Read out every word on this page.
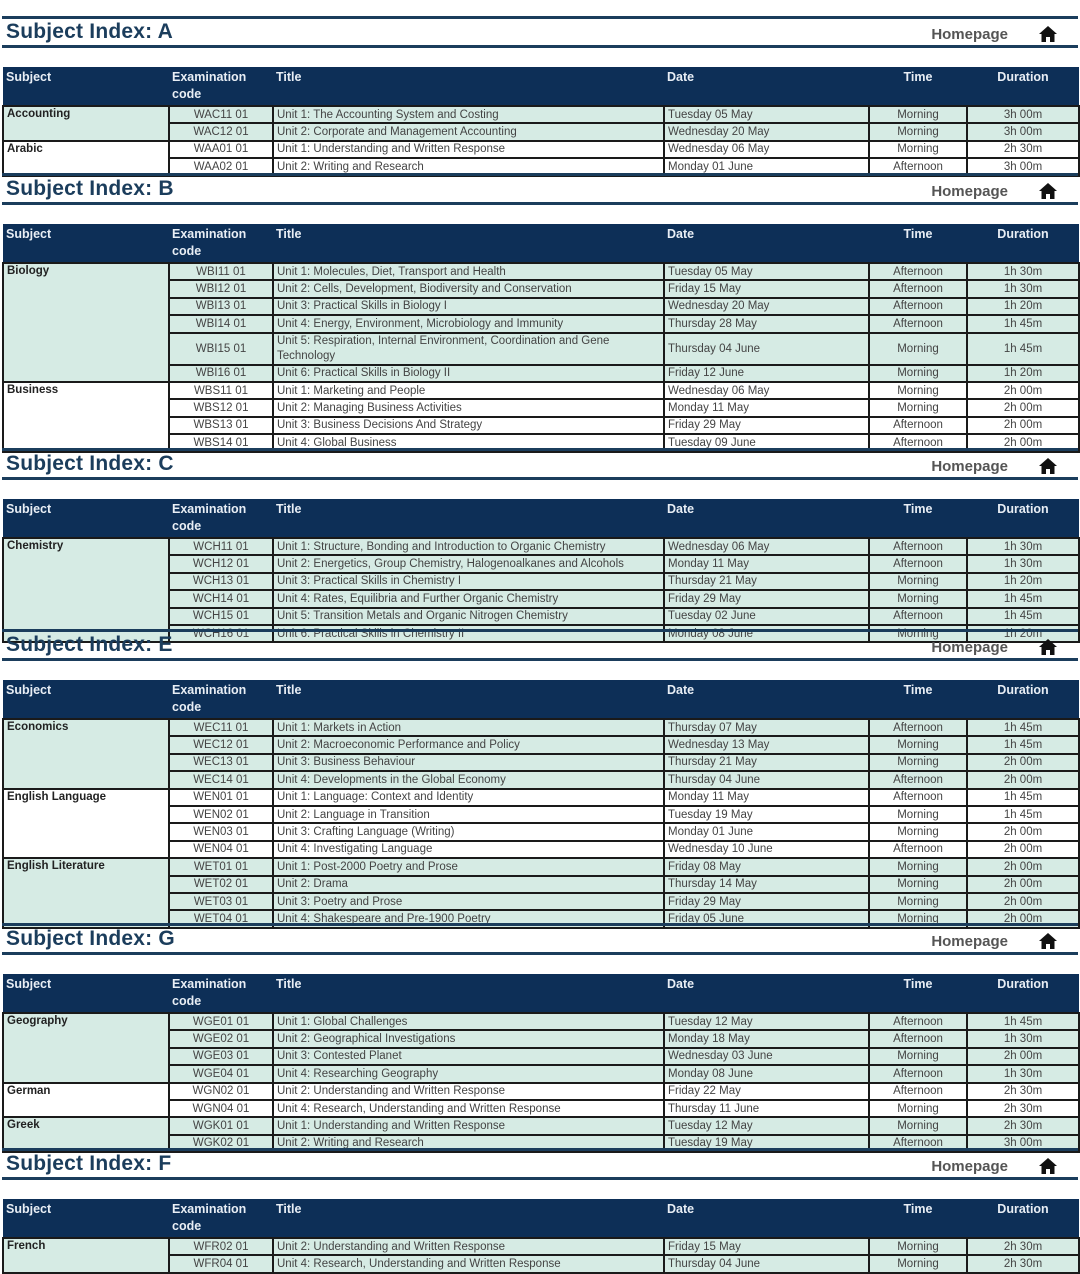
Subject Index: A	Homepage
Subject	Examination code	Title	Date	Time	Duration
Accounting	WAC11 01	Unit 1: The Accounting System and Costing	Tuesday 05 May	Morning	3h 00m
	WAC12 01	Unit 2: Corporate and Management Accounting	Wednesday 20 May	Morning	3h 00m
Arabic	WAA01 01	Unit 1: Understanding and Written Response	Wednesday 06 May	Morning	2h 30m
	WAA02 01	Unit 2: Writing and Research	Monday 01 June	Afternoon	3h 00m
Subject Index: B	Homepage
Subject	Examination code	Title	Date	Time	Duration
Biology	WBI11 01	Unit 1: Molecules, Diet, Transport and Health	Tuesday 05 May	Afternoon	1h 30m
	WBI12 01	Unit 2: Cells, Development, Biodiversity and Conservation	Friday 15 May	Afternoon	1h 30m
	WBI13 01	Unit 3: Practical Skills in Biology I	Wednesday 20 May	Afternoon	1h 20m
	WBI14 01	Unit 4: Energy, Environment, Microbiology and Immunity	Thursday 28 May	Afternoon	1h 45m
	WBI15 01	Unit 5: Respiration, Internal Environment, Coordination and Gene Technology	Thursday 04 June	Morning	1h 45m
	WBI16 01	Unit 6: Practical Skills in Biology II	Friday 12 June	Morning	1h 20m
Business	WBS11 01	Unit 1: Marketing and People	Wednesday 06 May	Morning	2h 00m
	WBS12 01	Unit 2: Managing Business Activities	Monday 11 May	Morning	2h 00m
	WBS13 01	Unit 3: Business Decisions And Strategy	Friday 29 May	Afternoon	2h 00m
	WBS14 01	Unit 4: Global Business	Tuesday 09 June	Afternoon	2h 00m
Subject Index: C	Homepage
Subject	Examination code	Title	Date	Time	Duration
Chemistry	WCH11 01	Unit 1: Structure, Bonding and Introduction to Organic Chemistry	Wednesday 06 May	Afternoon	1h 30m
	WCH12 01	Unit 2: Energetics, Group Chemistry, Halogenoalkanes and Alcohols	Monday 11 May	Afternoon	1h 30m
	WCH13 01	Unit 3: Practical Skills in Chemistry I	Thursday 21 May	Morning	1h 20m
	WCH14 01	Unit 4: Rates, Equilibria and Further Organic Chemistry	Friday 29 May	Morning	1h 45m
	WCH15 01	Unit 5: Transition Metals and Organic Nitrogen Chemistry	Tuesday 02 June	Afternoon	1h 45m
	WCH16 01	Unit 6: Practical Skills in Chemistry II	Monday 08 June	Morning	1h 20m
Subject Index: E	Homepage
Subject	Examination code	Title	Date	Time	Duration
Economics	WEC11 01	Unit 1: Markets in Action	Thursday 07 May	Afternoon	1h 45m
	WEC12 01	Unit 2: Macroeconomic Performance and Policy	Wednesday 13 May	Morning	1h 45m
	WEC13 01	Unit 3: Business Behaviour	Thursday 21 May	Morning	2h 00m
	WEC14 01	Unit 4: Developments in the Global Economy	Thursday 04 June	Afternoon	2h 00m
English Language	WEN01 01	Unit 1: Language: Context and Identity	Monday 11 May	Afternoon	1h 45m
	WEN02 01	Unit 2: Language in Transition	Tuesday 19 May	Morning	1h 45m
	WEN03 01	Unit 3: Crafting Language (Writing)	Monday 01 June	Morning	2h 00m
	WEN04 01	Unit 4: Investigating Language	Wednesday 10 June	Afternoon	2h 00m
English Literature	WET01 01	Unit 1: Post-2000 Poetry and Prose	Friday 08 May	Morning	2h 00m
	WET02 01	Unit 2: Drama	Thursday 14 May	Morning	2h 00m
	WET03 01	Unit 3: Poetry and Prose	Friday 29 May	Morning	2h 00m
	WET04 01	Unit 4: Shakespeare and Pre-1900 Poetry	Friday 05 June	Morning	2h 00m
Subject Index: G	Homepage
Subject	Examination code	Title	Date	Time	Duration
Geography	WGE01 01	Unit 1: Global Challenges	Tuesday 12 May	Afternoon	1h 45m
	WGE02 01	Unit 2: Geographical Investigations	Monday 18 May	Afternoon	1h 30m
	WGE03 01	Unit 3: Contested Planet	Wednesday 03 June	Morning	2h 00m
	WGE04 01	Unit 4: Researching Geography	Monday 08 June	Afternoon	1h 30m
German	WGN02 01	Unit 2: Understanding and Written Response	Friday 22 May	Afternoon	2h 30m
	WGN04 01	Unit 4: Research, Understanding and Written Response	Thursday 11 June	Morning	2h 30m
Greek	WGK01 01	Unit 1: Understanding and Written Response	Tuesday 12 May	Morning	2h 30m
	WGK02 01	Unit 2: Writing and Research	Tuesday 19 May	Afternoon	3h 00m
Subject Index: F	Homepage
Subject	Examination code	Title	Date	Time	Duration
French	WFR02 01	Unit 2: Understanding and Written Response	Friday 15 May	Morning	2h 30m
	WFR04 01	Unit 4: Research, Understanding and Written Response	Thursday 04 June	Morning	2h 30m
